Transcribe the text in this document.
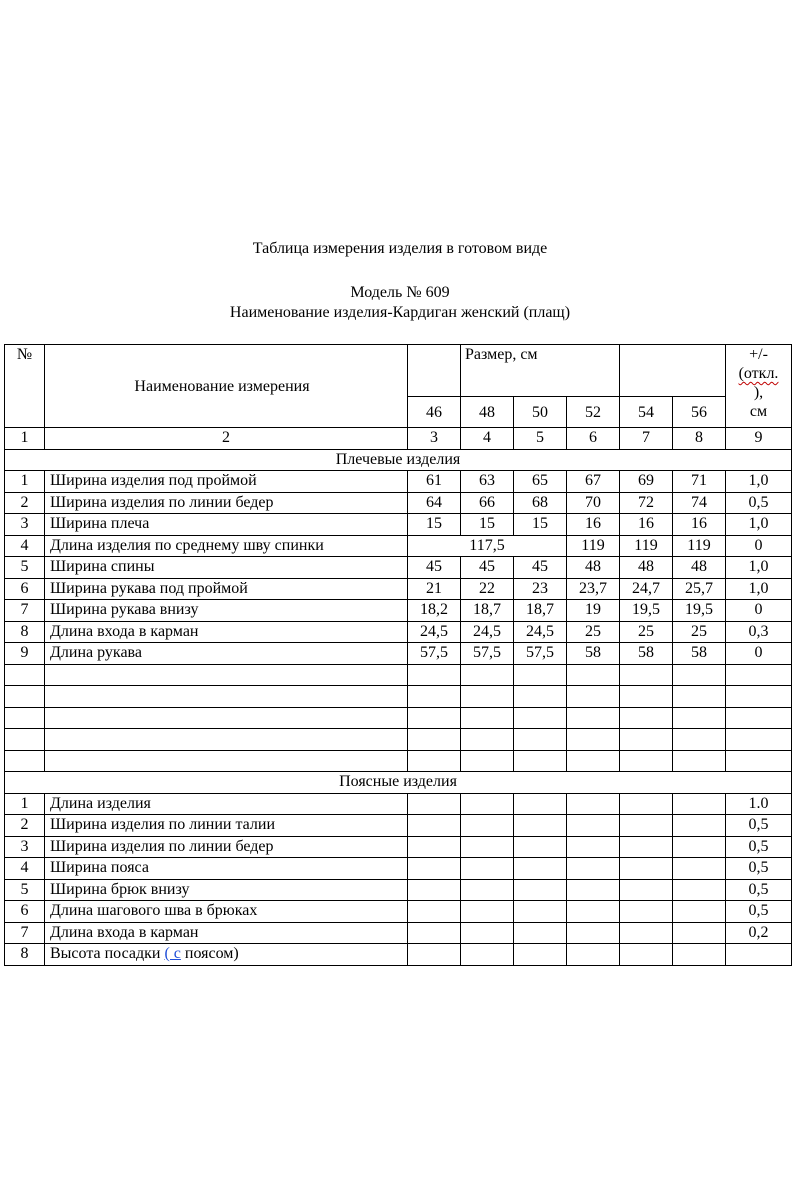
Таблица измерения изделия в готовом виде
Модель № 609
Наименование изделия-Кардиган женский (плащ)
№	Наименование измерения		Размер, см					+/-
(откл.
),
см

		46	48	50	52	54	56	
1	2	3	4	5	6	7	8	9
Плечевые изделия								
1	Ширина изделия под проймой	61	63	65	67	69	71	1,0
2	Ширина изделия по линии бедер	64	66	68	70	72	74	0,5
3	Ширина плеча	15	15	15	16	16	16	1,0
4	Длина изделия по среднему шву спинки	117,5			119	119	119	0
5	Ширина спины	45	45	45	48	48	48	1,0
6	Ширина рукава под проймой	21	22	23	23,7	24,7	25,7	1,0
7	Ширина рукава внизу	18,2	18,7	18,7	19	19,5	19,5	0
8	Длина входа в карман	24,5	24,5	24,5	25	25	25	0,3
9	Длина рукава	57,5	57,5	57,5	58	58	58	0

Поясные изделия								
1	Длина изделия							1.0
2	Ширина изделия по линии талии							0,5
3	Ширина изделия по линии бедер							0,5
4	Ширина пояса							0,5
5	Ширина брюк внизу							0,5
6	Длина шагового шва в брюках							0,5
7	Длина входа в карман							0,2
8	Высота посадки ( с поясом)							
